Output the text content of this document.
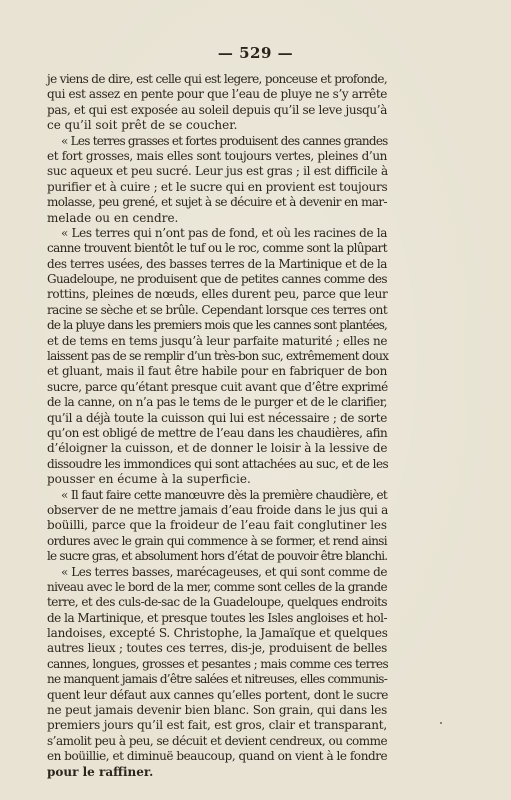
— 529 —
je viens de dire, est celle qui est legere, ponceuse et profonde,
qui est assez en pente pour que l’eau de pluye ne s’y arrête
pas, et qui est exposée au soleil depuis qu’il se leve jusqu’à
ce qu’il soit prêt de se coucher.
« Les terres grasses et fortes produisent des cannes grandes
et fort grosses, mais elles sont toujours vertes, pleines d’un
suc aqueux et peu sucré. Leur jus est gras ; il est difficile à
purifier et à cuire ; et le sucre qui en provient est toujours
molasse, peu grené, et sujet à se décuire et à devenir en mar-
melade ou en cendre.
« Les terres qui n’ont pas de fond, et où les racines de la
canne trouvent bientôt le tuf ou le roc, comme sont la plûpart
des terres usées, des basses terres de la Martinique et de la
Guadeloupe, ne produisent que de petites cannes comme des
rottins, pleines de nœuds, elles durent peu, parce que leur
racine se sèche et se brûle. Cependant lorsque ces terres ont
de la pluye dans les premiers mois que les cannes sont plantées,
et de tems en tems jusqu’à leur parfaite maturité ; elles ne
laissent pas de se remplir d’un très-bon suc, extrêmement doux
et gluant, mais il faut être habile pour en fabriquer de bon
sucre, parce qu’étant presque cuit avant que d’être exprimé
de la canne, on n’a pas le tems de le purger et de le clarifier,
qu’il a déjà toute la cuisson qui lui est nécessaire ; de sorte
qu’on est obligé de mettre de l’eau dans les chaudières, afin
d’éloigner la cuisson, et de donner le loisir à la lessive de
dissoudre les immondices qui sont attachées au suc, et de les
pousser en écume à la superficie.
« Il faut faire cette manœuvre dès la première chaudière, et
observer de ne mettre jamais d’eau froide dans le jus qui a
boüilli, parce que la froideur de l’eau fait conglutiner les
ordures avec le grain qui commence à se former, et rend ainsi
le sucre gras, et absolument hors d’état de pouvoir être blanchi.
« Les terres basses, marécageuses, et qui sont comme de
niveau avec le bord de la mer, comme sont celles de la grande
terre, et des culs-de-sac de la Guadeloupe, quelques endroits
de la Martinique, et presque toutes les Isles angloises et hol-
landoises, excepté S. Christophe, la Jamaïque et quelques
autres lieux ; toutes ces terres, dis-je, produisent de belles
cannes, longues, grosses et pesantes ; mais comme ces terres
ne manquent jamais d’être salées et nitreuses, elles communis-
quent leur défaut aux cannes qu’elles portent, dont le sucre
ne peut jamais devenir bien blanc. Son grain, qui dans les
premiers jours qu’il est fait, est gros, clair et transparant,
s’amolit peu à peu, se décuit et devient cendreux, ou comme
en boüillie, et diminuë beaucoup, quand on vient à le fondre
pour le raffiner.
